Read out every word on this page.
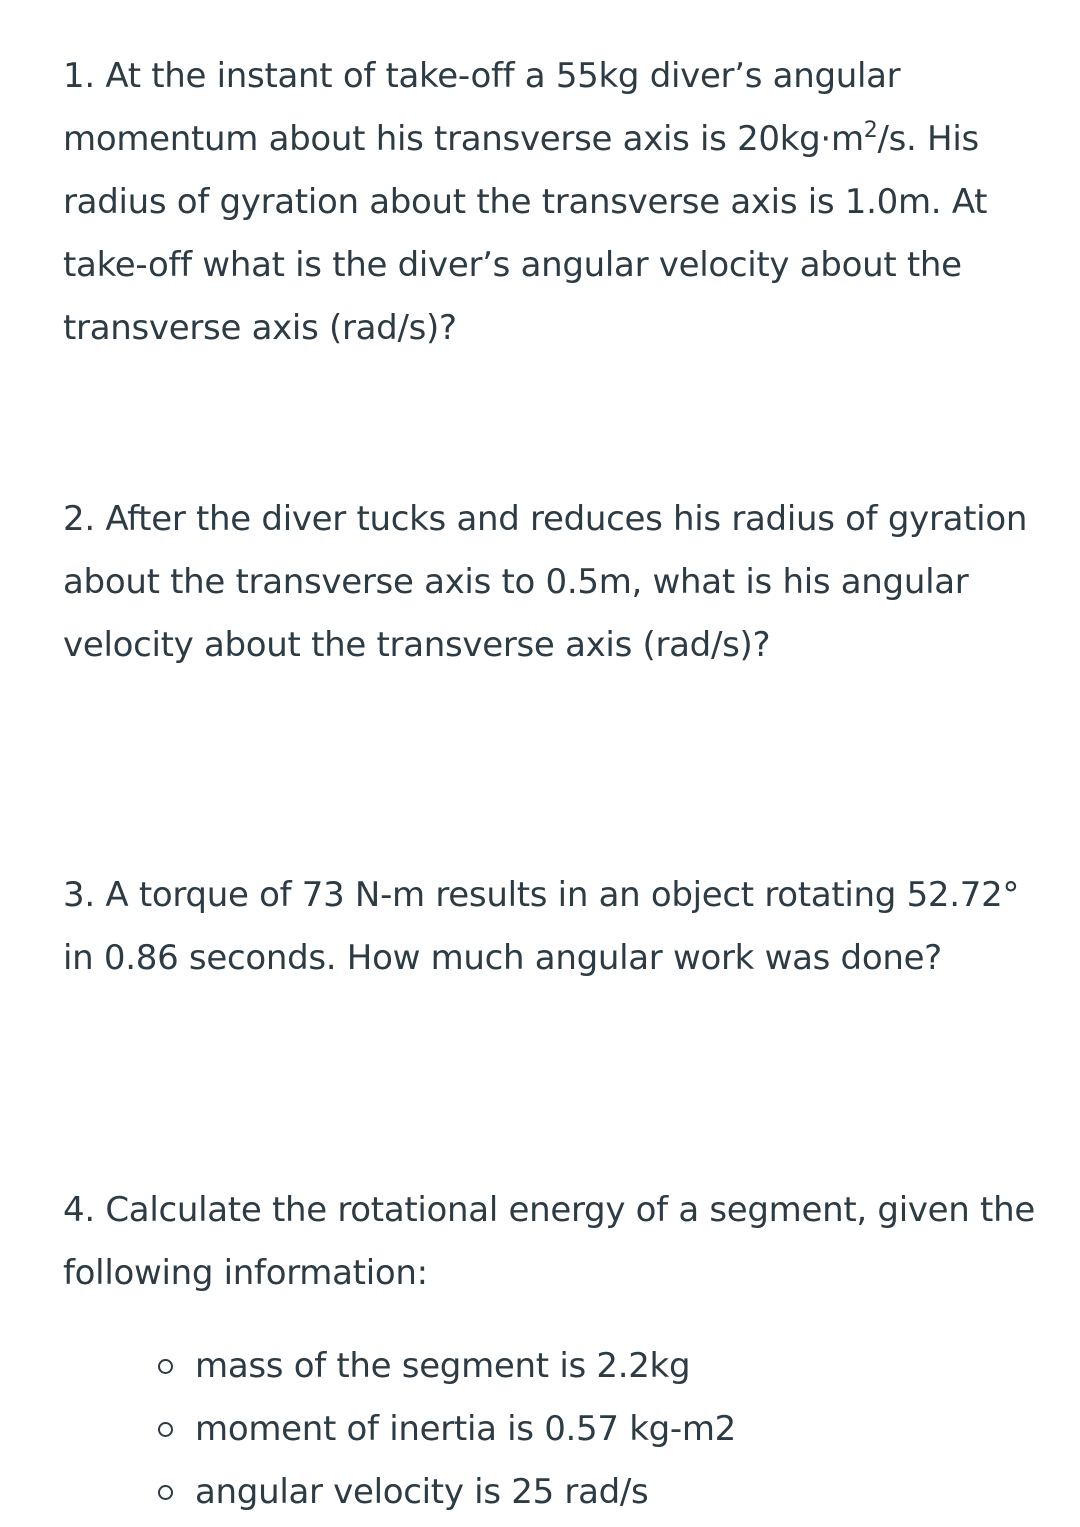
1. At the instant of take-off a 55kg diver’s angular momentum about his transverse axis is $20kg\cdot m^2/s$. His radius of gyration about the transverse axis is 1.0m. At take-off what is the diver’s angular velocity about the transverse axis (rad/s)?

2. After the diver tucks and reduces his radius of gyration about the transverse axis to 0.5m, what is his angular velocity about the transverse axis (rad/s)?

3. A torque of 73 N-m results in an object rotating 52.72° in 0.86 seconds. How much angular work was done?

4. Calculate the rotational energy of a segment, given the following information:

mass of the segment is 2.2kg
moment of inertia is 0.57 kg-m2
angular velocity is 25 rad/s
